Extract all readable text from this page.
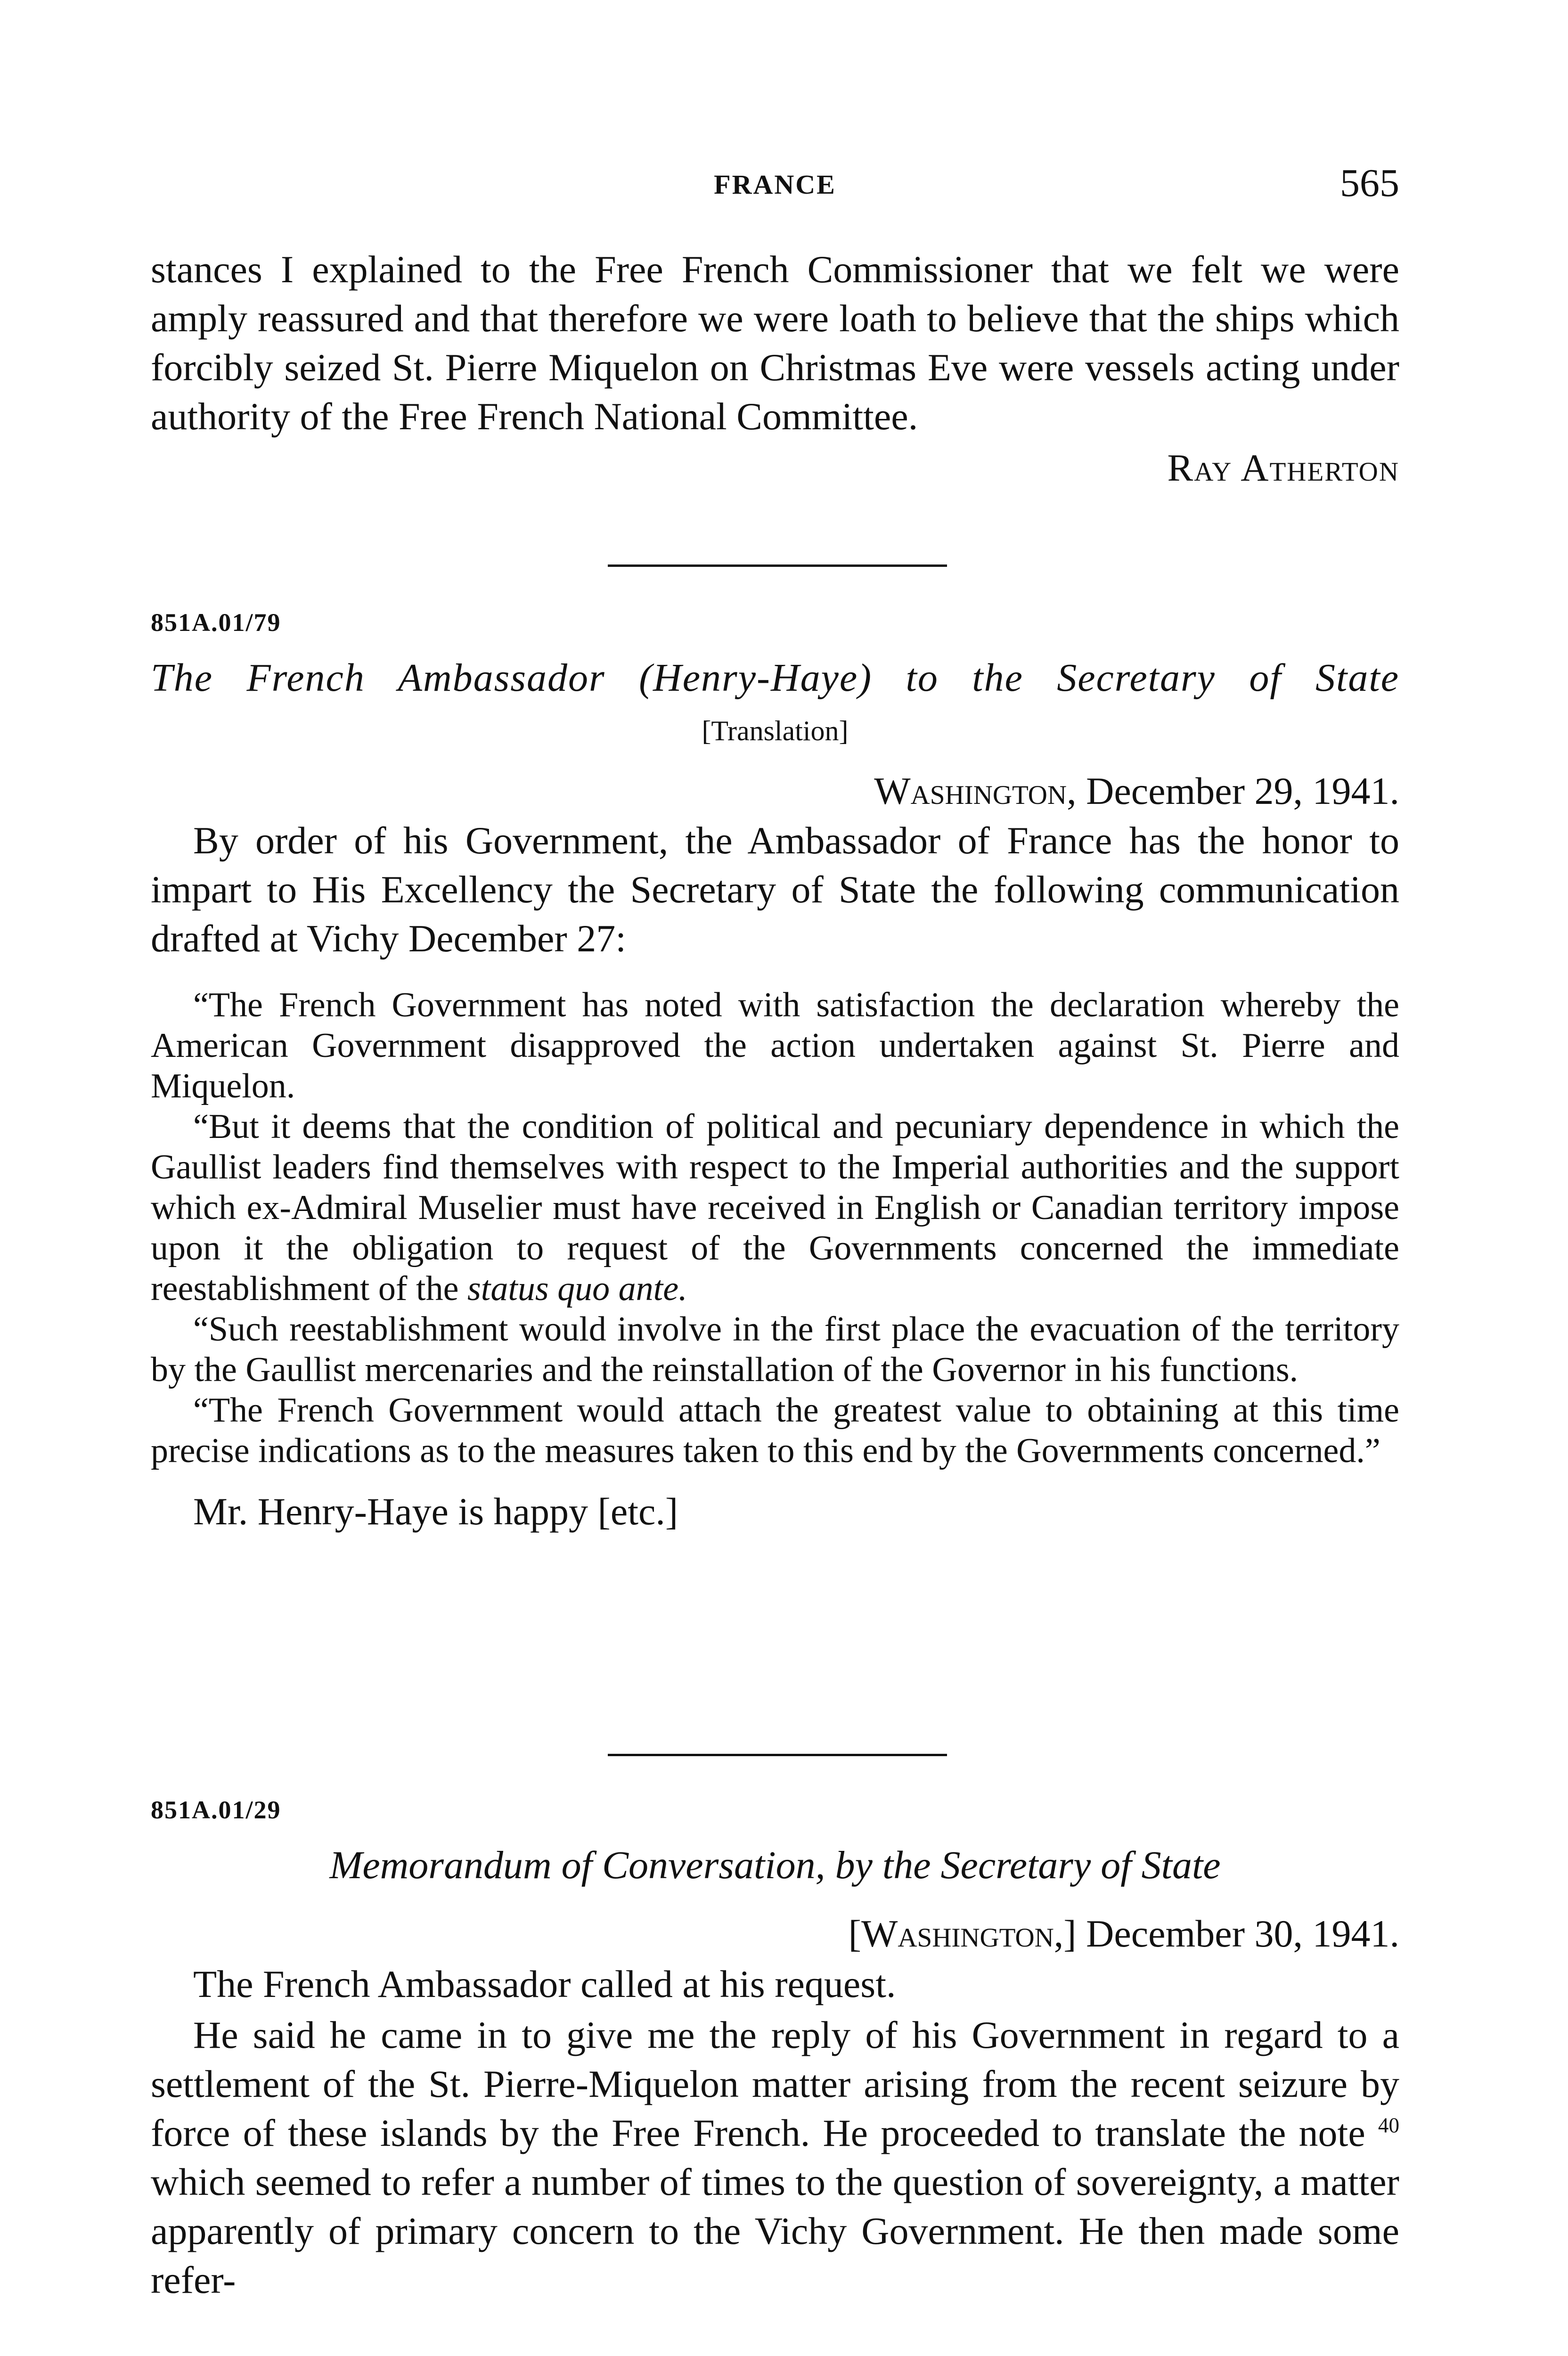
FRANCE	565

stances I explained to the Free French Commissioner that we felt we were amply reassured and that therefore we were loath to believe that the ships which forcibly seized St. Pierre Miquelon on Christmas Eve were vessels acting under authority of the Free French National Committee.

Ray Atherton
851A.01/79
The French Ambassador (Henry-Haye) to the Secretary of State
[Translation]
Washington, December 29, 1941.

By order of his Government, the Ambassador of France has the honor to impart to His Excellency the Secretary of State the following communication drafted at Vichy December 27:

“The French Government has noted with satisfaction the declaration whereby the American Government disapproved the action undertaken against St. Pierre and Miquelon.

“But it deems that the condition of political and pecuniary dependence in which the Gaullist leaders find themselves with respect to the Imperial authorities and the support which ex-Admiral Muselier must have received in English or Canadian territory impose upon it the obligation to request of the Governments concerned the immediate reestablishment of the status quo ante.

“Such reestablishment would involve in the first place the evacuation of the territory by the Gaullist mercenaries and the reinstallation of the Governor in his functions.

“The French Government would attach the greatest value to obtaining at this time precise indications as to the measures taken to this end by the Governments concerned.”

Mr. Henry-Haye is happy [etc.]

851A.01/29
Memorandum of Conversation, by the Secretary of State
[Washington,] December 30, 1941.

The French Ambassador called at his request.

He said he came in to give me the reply of his Government in regard to a settlement of the St. Pierre-Miquelon matter arising from the recent seizure by force of these islands by the Free French. He proceeded to translate the note $^{40}$ which seemed to refer a number of times to the question of sovereignty, a matter apparently of primary concern to the Vichy Government. He then made some refer-
